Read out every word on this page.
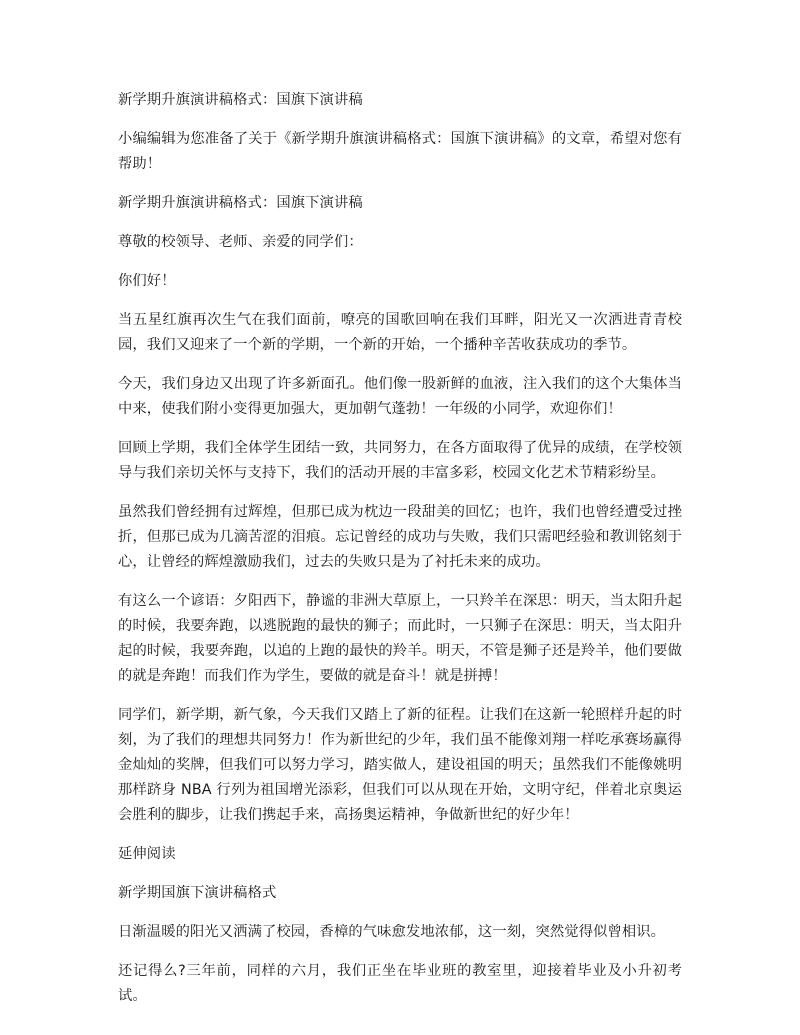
新学期升旗演讲稿格式：国旗下演讲稿

小编编辑为您准备了关于《新学期升旗演讲稿格式：国旗下演讲稿》的文章，希望对您有帮助！

新学期升旗演讲稿格式：国旗下演讲稿

尊敬的校领导、老师、亲爱的同学们：

你们好！

当五星红旗再次生气在我们面前，嘹亮的国歌回响在我们耳畔，阳光又一次洒进青青校园，我们又迎来了一个新的学期，一个新的开始，一个播种辛苦收获成功的季节。

今天，我们身边又出现了许多新面孔。他们像一股新鲜的血液，注入我们的这个大集体当中来，使我们附小变得更加强大，更加朝气蓬勃！一年级的小同学，欢迎你们！

回顾上学期，我们全体学生团结一致，共同努力，在各方面取得了优异的成绩，在学校领导与我们亲切关怀与支持下，我们的活动开展的丰富多彩，校园文化艺术节精彩纷呈。

虽然我们曾经拥有过辉煌，但那已成为枕边一段甜美的回忆；也许，我们也曾经遭受过挫折，但那已成为几滴苦涩的泪痕。忘记曾经的成功与失败，我们只需吧经验和教训铭刻于心，让曾经的辉煌激励我们，过去的失败只是为了衬托未来的成功。

有这么一个谚语：夕阳西下，静谧的非洲大草原上，一只羚羊在深思：明天，当太阳升起的时候，我要奔跑，以逃脱跑的最快的狮子；而此时，一只狮子在深思：明天，当太阳升起的时候，我要奔跑，以追的上跑的最快的羚羊。明天，不管是狮子还是羚羊，他们要做的就是奔跑！而我们作为学生，要做的就是奋斗！就是拼搏！

同学们，新学期，新气象，今天我们又踏上了新的征程。让我们在这新一轮照样升起的时刻，为了我们的理想共同努力！作为新世纪的少年，我们虽不能像刘翔一样吃承赛场赢得金灿灿的奖牌，但我们可以努力学习，踏实做人，建设祖国的明天；虽然我们不能像姚明那样跻身 NBA 行列为祖国增光添彩，但我们可以从现在开始，文明守纪，伴着北京奥运会胜利的脚步，让我们携起手来，高扬奥运精神，争做新世纪的好少年！

延伸阅读

新学期国旗下演讲稿格式

日渐温暖的阳光又洒满了校园，香樟的气味愈发地浓郁，这一刻，突然觉得似曾相识。

还记得么?三年前，同样的六月，我们正坐在毕业班的教室里，迎接着毕业及小升初考试。
